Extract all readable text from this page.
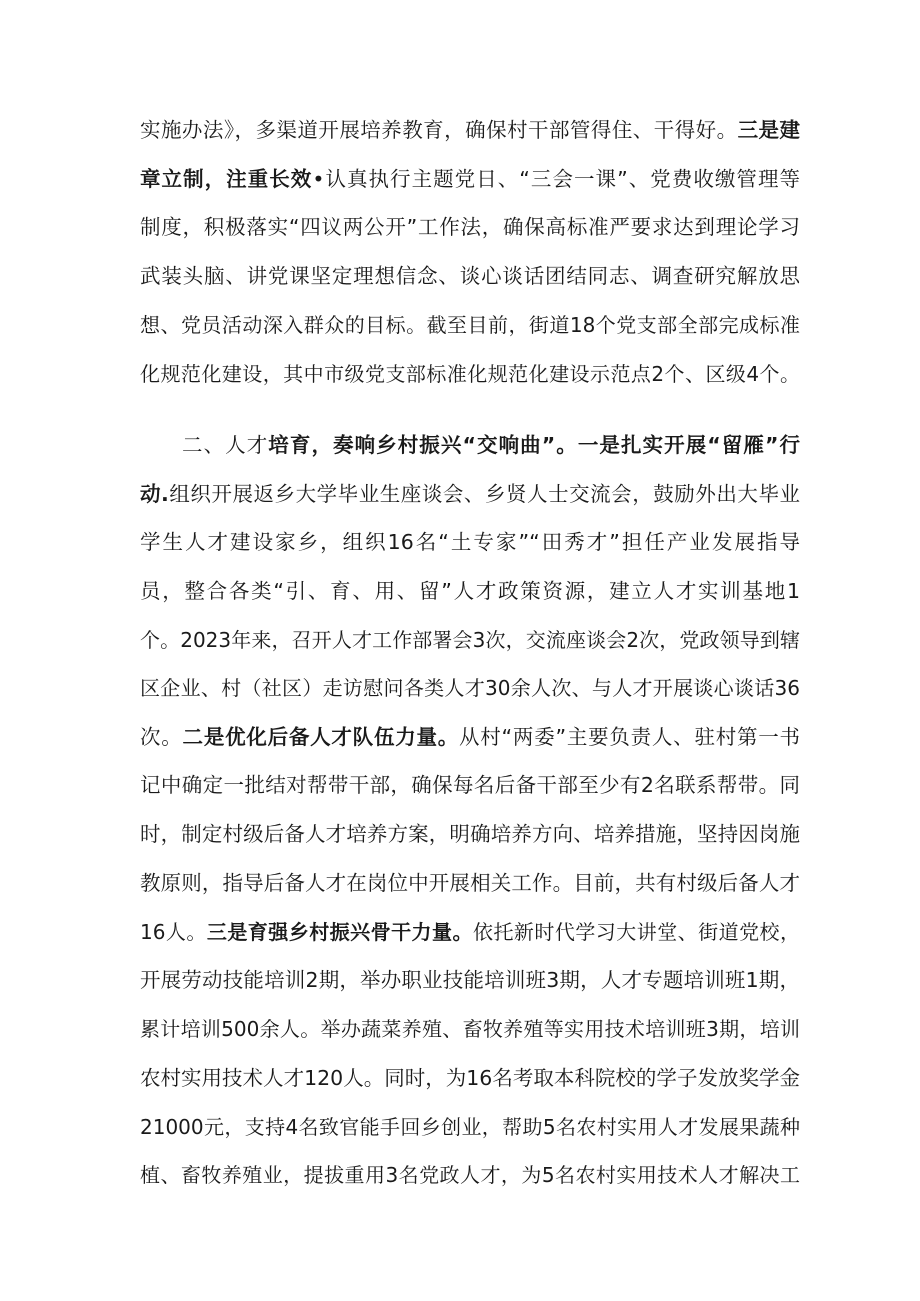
实施办法》，多渠道开展培养教育，确保村干部管得住、干得好。三是建
章立制，注重长效•认真执行主题党日、“三会一课”、党费收缴管理等
制度，积极落实“四议两公开”工作法，确保高标准严要求达到理论学习
武装头脑、讲党课坚定理想信念、谈心谈话团结同志、调查研究解放思
想、党员活动深入群众的目标。截至目前，街道18个党支部全部完成标准
化规范化建设，其中市级党支部标准化规范化建设示范点2个、区级4个。
二、人才培育，奏响乡村振兴“交响曲”。一是扎实开展“留雁”行
动.组织开展返乡大学毕业生座谈会、乡贤人士交流会，鼓励外出大毕业
学生人才建设家乡，组织16名“土专家”“田秀才”担任产业发展指导
员，整合各类“引、育、用、留”人才政策资源，建立人才实训基地1
个。2023年来，召开人才工作部署会3次，交流座谈会2次，党政领导到辖
区企业、村（社区）走访慰问各类人才30余人次、与人才开展谈心谈话36
次。二是优化后备人才队伍力量。从村“两委”主要负责人、驻村第一书
记中确定一批结对帮带干部，确保每名后备干部至少有2名联系帮带。同
时，制定村级后备人才培养方案，明确培养方向、培养措施，坚持因岗施
教原则，指导后备人才在岗位中开展相关工作。目前，共有村级后备人才
16人。三是育强乡村振兴骨干力量。依托新时代学习大讲堂、街道党校，
开展劳动技能培训2期，举办职业技能培训班3期，人才专题培训班1期，
累计培训500余人。举办蔬菜养殖、畜牧养殖等实用技术培训班3期，培训
农村实用技术人才120人。同时，为16名考取本科院校的学子发放奖学金
21000元，支持4名致官能手回乡创业，帮助5名农村实用人才发展果蔬种
植、畜牧养殖业，提拔重用3名党政人才，为5名农村实用技术人才解决工
